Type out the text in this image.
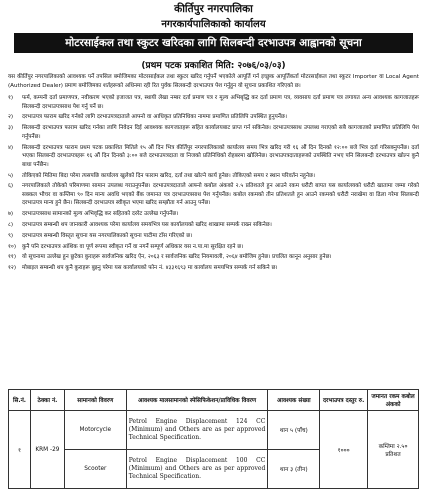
कीर्तिपुर नगरपालिका
नगरकार्यपालिकाको कार्यालय
मोटरसाईकल तथा स्कुटर खरिदका लागि सिलबन्दी दरभाउपत्र आह्वानको सूचना
(प्रथम पटक प्रकाशित मिति: २०७६/०३/०३)
यस कीर्तिपुर नगरपालिकाको आवश्यक पर्ने तपसिल बमोजिमका मोटरसाईकल तथा स्कुटर खरिद गर्नुपर्ने भएकोले आपूर्ति गर्न इच्छुक आपूर्तिकर्ता मोटरसाईकल तथा स्कुटर Importer वा Local Agent (Authorized Dealer) प्रमाण बमोजिमका शर्तहरूको अधिनमा रही रित पुर्वक सिलबन्दी दरभाउपत्र पेश गर्नुहुन यो सूचना प्रकाशित गरिएको छ।
१)	फर्म, कम्पनी दर्ता प्रमाणपत्र, नवीकरण भएको इजाजत पत्र, स्थायी लेखा नम्बर दर्ता प्रमाण पत्र र मूल्य अभिबृद्धि कर दर्ता प्रमाण पत्र, व्यवसाय दर्ता प्रमाण पत्र लगायत अन्य आवश्यक कागजातहरू सिलबन्दी दरभाउपत्रसाथ पेश गर्नु पर्ने छ।
२)	दरभाउपत्र फाराम खरिद गर्नको लागि दरभाउपत्रदाताले आफ्नो वा आधिकृत प्रतिनिधिका नाममा प्रमाणित प्रतिलिपि उपस्थित हुनुपर्नेछ।
३)	सिलबन्दी दरभाउपत्र फाराम खरिद गर्नका लागि निवेदन दिई आवश्यक कागजातहरू सहित कार्यालयबाट प्राप्त गर्न सकिनेछ। दरभाउपत्रसाथ उपलब्ध गराएको सबै कागजातको प्रमाणित प्रतिलिपि पेश गर्नुपर्नेछ।
४)	सिलबन्दी दरभाउपत्र फाराम प्रथम पटक प्रकाशित मितिले १५ औं दिन भित्र कीर्तिपुर नगरपालिकाको कार्यालय समय भित्र खरिद गरी १६ औं दिन दिनको १२:०० बजे भित्र दर्ता गरिसक्नुपर्नेछ। दर्ता भएका सिलबन्दी दरभाउपत्रहरू १६ औं दिन दिनको ३:०० बजे दरभाउपत्रदाता वा निजको प्रतिनिधिको रोहबरमा खोलिनेछ। दरभाउपत्रदाताहरूको उपस्थिति नभए पनि सिलबन्दी दरभाउपत्र खोल्न कुनै बाधा पर्नेछैन।
५)	तोकिएको मितिमा बिदा परेमा त्यसपछि कार्यालय खुलेको दिन फाराम खरिद, दर्ता तथा खोल्ने कार्य हुनेछ। तोकिएको समय र स्थान परिवर्तन नहुनेछ।
६)	नगरपालिकाले तोकेको परिमाणमा सामान उपलब्ध गराउनुपर्नेछ। दरभाउपत्रदाताले आफ्नो कबोल अंकको २.५ प्रतिशतले हुन आउने रकम धरौटी बापत यस कार्यालयको धरौटी खातामा जम्मा गरेको सक्कल भौचर वा कम्तिमा ९० दिन मान्य अवधि भएको बैंक जमानत पत्र दरभाउपत्रसाथ पेश गर्नुपर्नेछ। कबोल रकमको तीन प्रतिशतले हुन आउने रकमको धरौटी नराखेमा वा ढिला गरेमा सिलबन्दी दरभाउपत्र मान्य हुने छैन। सिलबन्दी दरभाउपत्र स्वीकृत भएमा खरिद सम्झौता गर्न आउनु पर्नेछ।
७)	दरभाउपत्रसाथ सामानको मूल्य अभिवृद्धि कर सहितको दररेट उल्लेख गर्नुपर्नेछ।
८)	दरभाउपत्र सम्बन्धी थप जानकारी आवश्यक परेमा कार्यालय समयभित्र यस कार्यालयको खरिद शाखामा सम्पर्क राख्न सकिनेछ।
९)	दरभाउपत्र सम्बन्धी विस्तृत सूचना यस नगरपालिकाको सूचना पाटीमा टाँस गरिएको छ।
१०)	कुनै पनि दरभाउपत्र आंशिक वा पूर्ण रूपमा स्वीकृत गर्ने वा नगर्ने सम्पूर्ण अधिकार यस न.पा.मा सुरक्षित रहने छ।
११)	यो सूचनामा उल्लेख हुन छुटेका कुराहरू सार्वजनिक खरिद ऐन, २०६३ र सार्वजनिक खरिद नियमावली, २०६४ बमोजिम हुनेछ। प्रचलित कानून अनुसार हुनेछ।
१२)	मोबाइल सम्बन्धी थप कुनै कुराहरू बुझ्नु परेमा यस कार्यालयको फोन नं. ४३३१६९३ मा कार्यालय समयभित्र सम्पर्क गर्न सकिने छ।
सि.नं.	ठेक्का नं.	सामानको विवरण	आवश्यक मालसामानको स्पेसिफिकेशन/प्राविधिक विवरण	आवश्यक संख्या	दरभाउपत्र दस्तुर रु.	जमानत रकम कबोल अंकको
१	KRM -29	Motorcycle	Petrol Engine Displacement 124 CC (Minimum) and Others are as per approved Technical Specification.	थान ५ (पाँच)	१०००	कम्तिमा २.५० प्रतिशत
		Scooter	Petrol Engine Displacement 100 CC (Minimum) and Others are as per approved Technical Specification.	थान ३ (तीन)		
